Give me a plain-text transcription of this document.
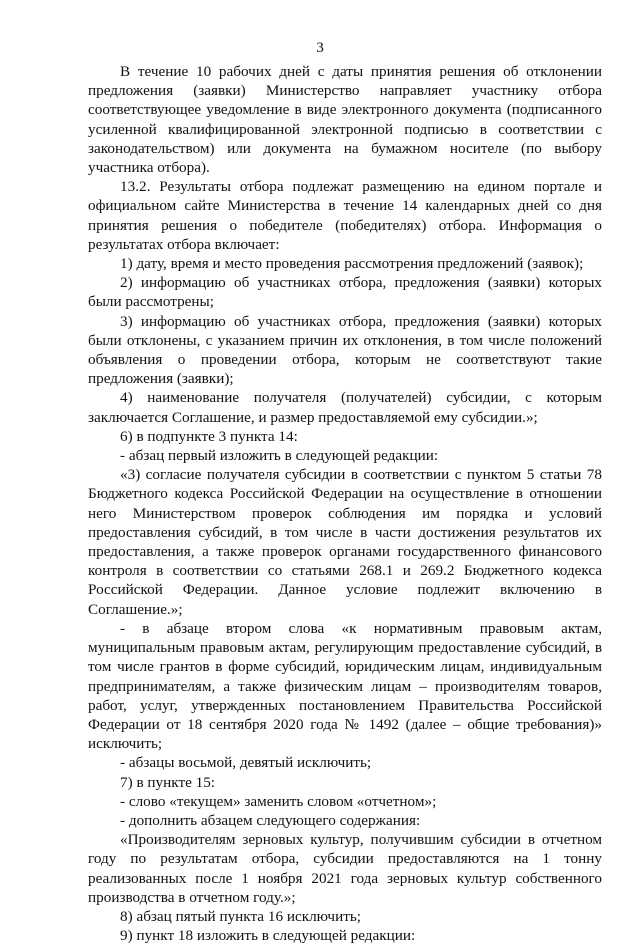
3

В течение 10 рабочих дней с даты принятия решения об отклонении предложения (заявки) Министерство направляет участнику отбора соответствующее уведомление в виде электронного документа (подписанного усиленной квалифицированной электронной подписью в соответствии с законодательством) или документа на бумажном носителе (по выбору участника отбора).

13.2. Результаты отбора подлежат размещению на едином портале и официальном сайте Министерства в течение 14 календарных дней со дня принятия решения о победителе (победителях) отбора. Информация о результатах отбора включает:

1) дату, время и место проведения рассмотрения предложений (заявок);

2) информацию об участниках отбора, предложения (заявки) которых были рассмотрены;

3) информацию об участниках отбора, предложения (заявки) которых были отклонены, с указанием причин их отклонения, в том числе положений объявления о проведении отбора, которым не соответствуют такие предложения (заявки);

4) наименование получателя (получателей) субсидии, с которым заключается Соглашение, и размер предоставляемой ему субсидии.»;

6) в подпункте 3 пункта 14:

- абзац первый изложить в следующей редакции:

«3) согласие получателя субсидии в соответствии с пунктом 5 статьи 78 Бюджетного кодекса Российской Федерации на осуществление в отношении него Министерством проверок соблюдения им порядка и условий предоставления субсидий, в том числе в части достижения результатов их предоставления, а также проверок органами государственного финансового контроля в соответствии со статьями 268.1 и 269.2 Бюджетного кодекса Российской Федерации. Данное условие подлежит включению в Соглашение.»;

- в абзаце втором слова «к нормативным правовым актам, муниципальным правовым актам, регулирующим предоставление субсидий, в том числе грантов в форме субсидий, юридическим лицам, индивидуальным предпринимателям, а также физическим лицам – производителям товаров, работ, услуг, утвержденных постановлением Правительства Российской Федерации от 18 сентября 2020 года № 1492 (далее – общие требования)» исключить;

- абзацы восьмой, девятый исключить;

7) в пункте 15:

- слово «текущем» заменить словом «отчетном»;

- дополнить абзацем следующего содержания:

«Производителям зерновых культур, получившим субсидии в отчетном году по результатам отбора, субсидии предоставляются на 1 тонну реализованных после 1 ноября 2021 года зерновых культур собственного производства в отчетном году.»;

8) абзац пятый пункта 16 исключить;

9) пункт 18 изложить в следующей редакции:
